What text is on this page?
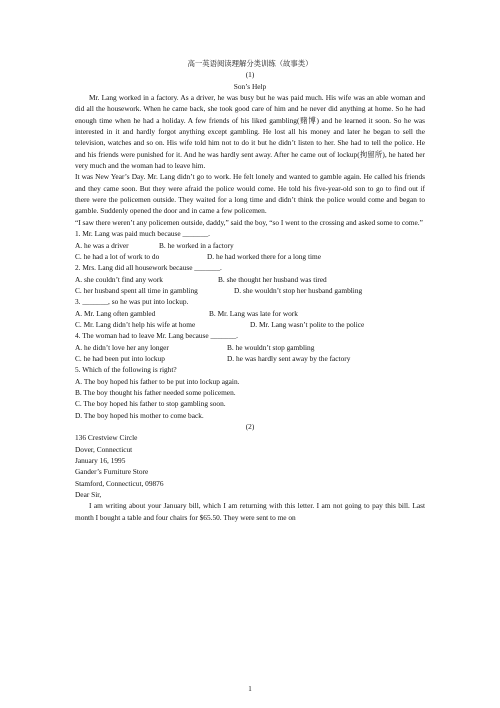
高一英语阅读理解分类训练（故事类）
(1)
Son’s Help
Mr. Lang worked in a factory. As a driver, he was busy but he was paid much. His wife was an able woman and did all the housework. When he came back, she took good care of him and he never did anything at home. So he had enough time when he had a holiday. A few friends of his liked gambling(赌博) and he learned it soon. So he was interested in it and hardly forgot anything except gambling. He lost all his money and later he began to sell the television, watches and so on. His wife told him not to do it but he didn’t listen to her. She had to tell the police. He and his friends were punished for it. And he was hardly sent away. After he came out of lockup(拘留所), he hated her very much and the woman had to leave him.
It was New Year’s Day. Mr. Lang didn’t go to work. He felt lonely and wanted to gamble again. He called his friends and they came soon. But they were afraid the police would come. He told his five-year-old son to go to find out if there were the policemen outside. They waited for a long time and didn’t think the police would come and began to gamble. Suddenly opened the door and in came a few policemen.
“I saw there weren’t any policemen outside, daddy,” said the boy, “so I went to the crossing and asked some to come.”
1. Mr. Lang was paid much because _______.
A. he was a driver	B. he worked in a factory
C. he had a lot of work to do	D. he had worked there for a long time
2. Mrs. Lang did all housework because _______.
A. she couldn’t find any work	B. she thought her husband was tired
C. her husband spent all time in gambling	D. she wouldn’t stop her husband gambling
3. _______, so he was put into lockup.
A. Mr. Lang often gambled	B. Mr. Lang was late for work
C. Mr. Lang didn’t help his wife at home	D. Mr. Lang wasn’t polite to the police
4. The woman had to leave Mr. Lang because _______.
A. he didn’t love her any longer	B. he wouldn’t stop gambling
C. he had been put into lockup	D. he was hardly sent away by the factory
5. Which of the following is right?
A. The boy hoped his father to be put into lockup again.
B. The boy thought his father needed some policemen.
C. The boy hoped his father to stop gambling soon.
D. The boy hoped his mother to come back.
(2)
136 Crestview Circle
Dover, Connecticut
January 16, 1995
Gander’s Furniture Store
Stamford, Connecticut, 09876
Dear Sir,
I am writing about your January bill, which I am returning with this letter. I am not going to pay this bill. Last month I bought a table and four chairs for $65.50. They were sent to me on
1
